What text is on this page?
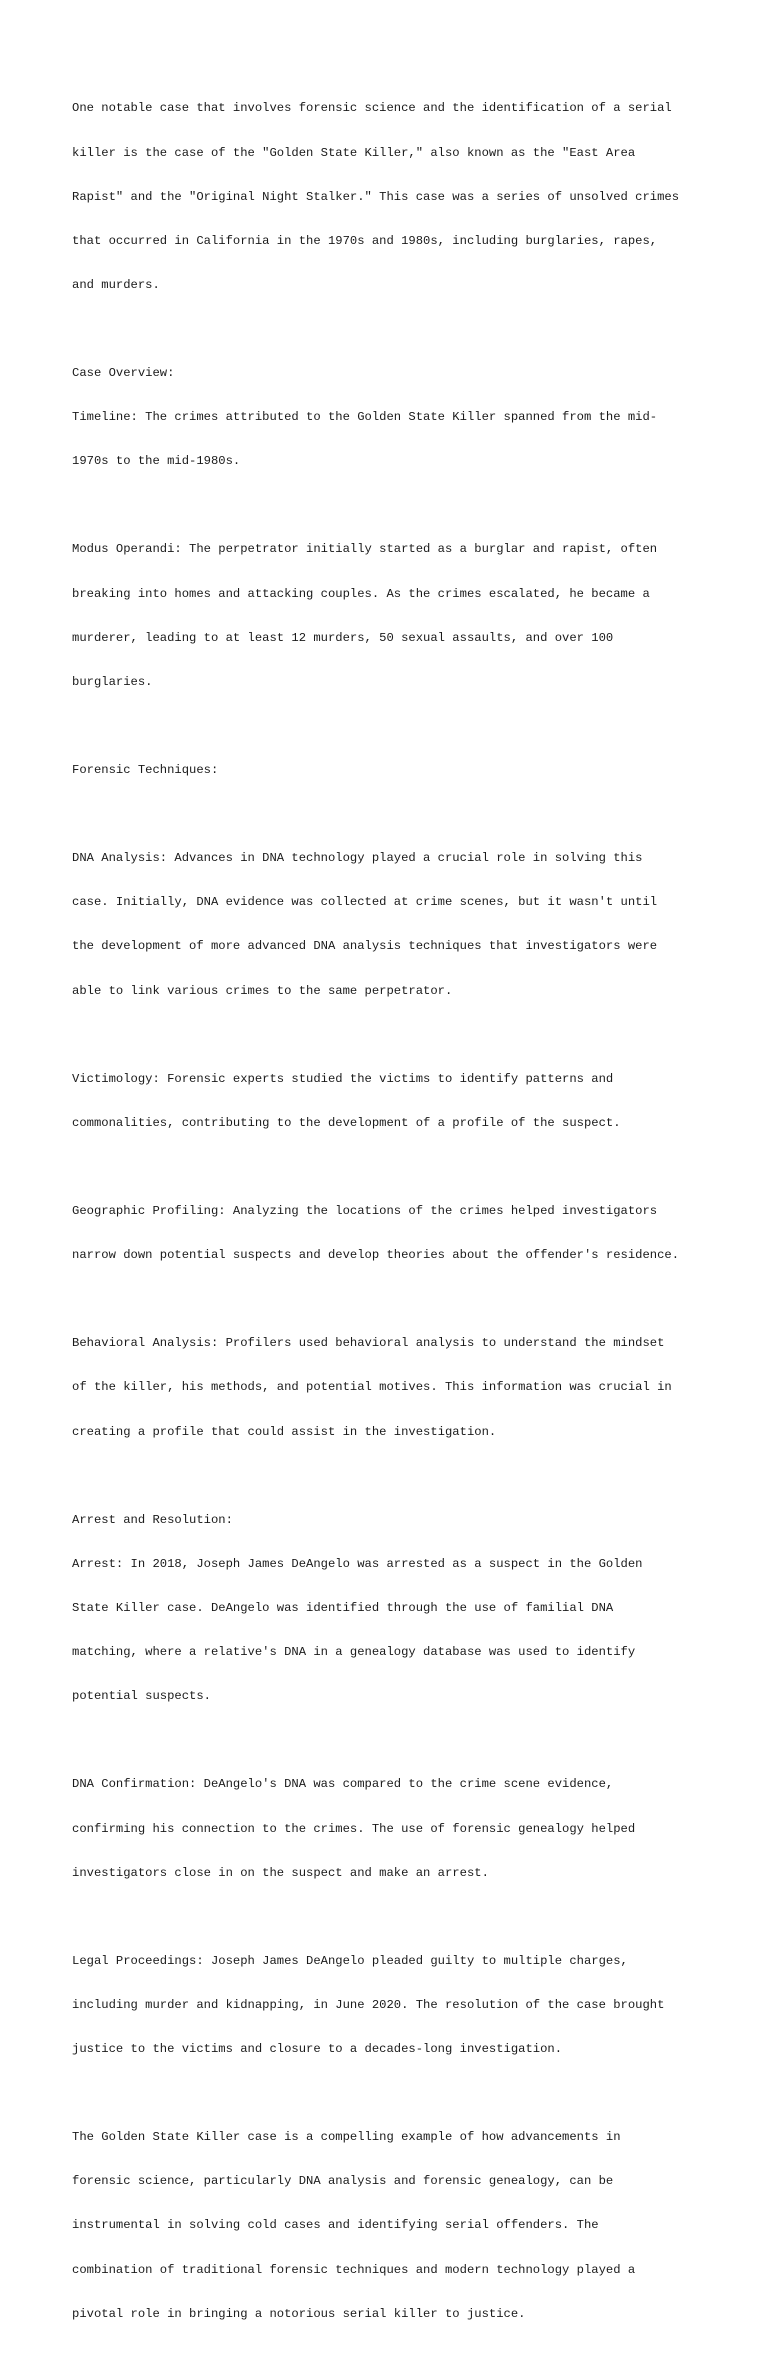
One notable case that involves forensic science and the identification of a serial

killer is the case of the "Golden State Killer," also known as the "East Area

Rapist" and the "Original Night Stalker." This case was a series of unsolved crimes

that occurred in California in the 1970s and 1980s, including burglaries, rapes,

and murders.

Case Overview:

Timeline: The crimes attributed to the Golden State Killer spanned from the mid-

1970s to the mid-1980s.

Modus Operandi: The perpetrator initially started as a burglar and rapist, often

breaking into homes and attacking couples. As the crimes escalated, he became a

murderer, leading to at least 12 murders, 50 sexual assaults, and over 100

burglaries.

Forensic Techniques:

DNA Analysis: Advances in DNA technology played a crucial role in solving this

case. Initially, DNA evidence was collected at crime scenes, but it wasn't until

the development of more advanced DNA analysis techniques that investigators were

able to link various crimes to the same perpetrator.

Victimology: Forensic experts studied the victims to identify patterns and

commonalities, contributing to the development of a profile of the suspect.

Geographic Profiling: Analyzing the locations of the crimes helped investigators

narrow down potential suspects and develop theories about the offender's residence.

Behavioral Analysis: Profilers used behavioral analysis to understand the mindset

of the killer, his methods, and potential motives. This information was crucial in

creating a profile that could assist in the investigation.

Arrest and Resolution:

Arrest: In 2018, Joseph James DeAngelo was arrested as a suspect in the Golden

State Killer case. DeAngelo was identified through the use of familial DNA

matching, where a relative's DNA in a genealogy database was used to identify

potential suspects.

DNA Confirmation: DeAngelo's DNA was compared to the crime scene evidence,

confirming his connection to the crimes. The use of forensic genealogy helped

investigators close in on the suspect and make an arrest.

Legal Proceedings: Joseph James DeAngelo pleaded guilty to multiple charges,

including murder and kidnapping, in June 2020. The resolution of the case brought

justice to the victims and closure to a decades-long investigation.

The Golden State Killer case is a compelling example of how advancements in

forensic science, particularly DNA analysis and forensic genealogy, can be

instrumental in solving cold cases and identifying serial offenders. The

combination of traditional forensic techniques and modern technology played a

pivotal role in bringing a notorious serial killer to justice.
